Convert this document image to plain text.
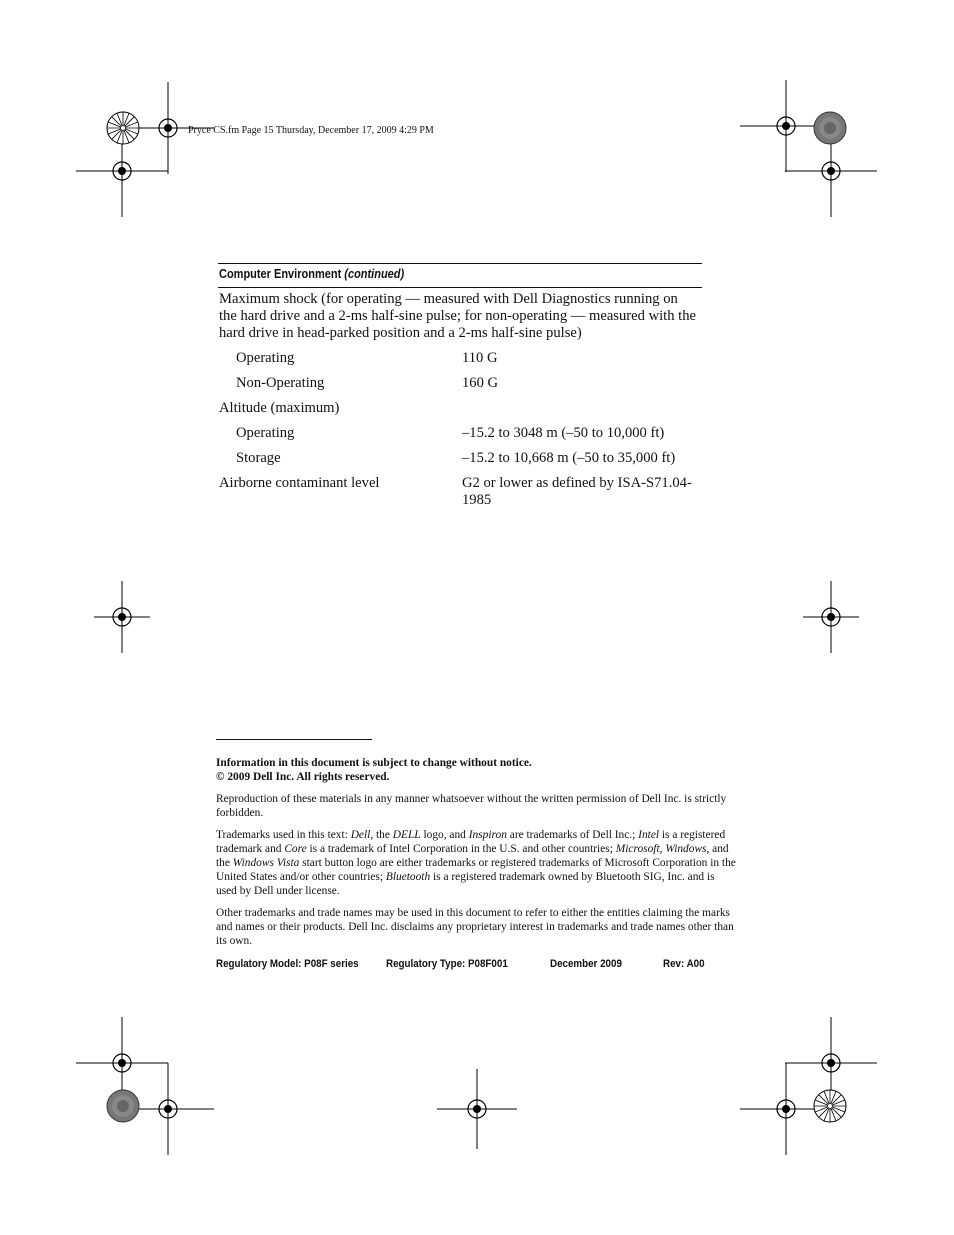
Pryce CS.fm Page 15 Thursday, December 17, 2009 4:29 PM
Computer Environment (continued)
Maximum shock (for operating — measured with Dell Diagnostics running on the hard drive and a 2-ms half-sine pulse; for non-operating — measured with the hard drive in head-parked position and a 2-ms half-sine pulse)
Operating	110 G
Non-Operating	160 G
Altitude (maximum)
Operating	–15.2 to 3048 m (–50 to 10,000 ft)
Storage	–15.2 to 10,668 m (–50 to 35,000 ft)
Airborne contaminant level	G2 or lower as defined by ISA-S71.04-1985
Information in this document is subject to change without notice.
© 2009 Dell Inc. All rights reserved.
Reproduction of these materials in any manner whatsoever without the written permission of Dell Inc. is strictly forbidden.
Trademarks used in this text: Dell, the DELL logo, and Inspiron are trademarks of Dell Inc.; Intel is a registered trademark and Core is a trademark of Intel Corporation in the U.S. and other countries; Microsoft, Windows, and the Windows Vista start button logo are either trademarks or registered trademarks of Microsoft Corporation in the United States and/or other countries; Bluetooth is a registered trademark owned by Bluetooth SIG, Inc. and is used by Dell under license.
Other trademarks and trade names may be used in this document to refer to either the entities claiming the marks and names or their products. Dell Inc. disclaims any proprietary interest in trademarks and trade names other than its own.
Regulatory Model: P08F series Regulatory Type: P08F001	December 2009	Rev: A00
